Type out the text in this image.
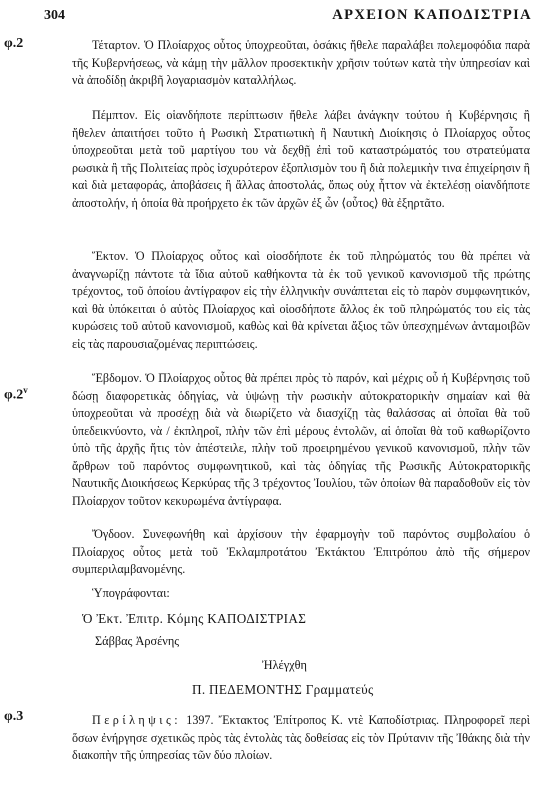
304	ΑΡΧΕΙΟΝ ΚΑΠΟΔΙΣΤΡΙΑ
φ.2
φ.2$^v$
φ.3

Τέταρτον. Ὁ Πλοίαρχος οὗτος ὑποχρεοῦται, ὁσάκις ἤθελε παραλάβει πολεμοφόδια παρὰ τῆς Κυβερνήσεως, νὰ κάμῃ τὴν μᾶλλον προσεκτικὴν χρῆσιν τούτων κατὰ τὴν ὑπηρεσίαν καὶ νὰ ἀποδίδῃ ἀκριβῆ λογαριασμὸν καταλλήλως.

Πέμπτον. Εἰς οἱανδήποτε περίπτωσιν ἤθελε λάβει ἀνάγκην τούτου ἡ Κυβέρνησις ἢ ἤθελεν ἀπαιτήσει τοῦτο ἡ Ρωσικὴ Στρατιωτικὴ ἢ Ναυτικὴ Διοίκησις ὁ Πλοίαρχος οὗτος ὑποχρεοῦται μετὰ τοῦ μαρτίγου του νὰ δεχθῇ ἐπὶ τοῦ καταστρώματός του στρατεύματα ρωσικὰ ἢ τῆς Πολιτείας πρὸς ἰσχυρότερον ἐξοπλισμὸν του ἢ διὰ πολεμικὴν τινα ἐπιχείρησιν ἢ καὶ διὰ μεταφοράς, ἀποβάσεις ἢ ἄλλας ἀποστολάς, ὅπως οὐχ ἧττον νὰ ἐκτελέσῃ οἱανδήποτε ἀποστολήν, ἡ ὁποία θὰ προήρχετο ἐκ τῶν ἀρχῶν ἐξ ὧν ⟨οὗτος⟩ θὰ ἐξηρτᾶτο.

Ἕκτον. Ὁ Πλοίαρχος οὗτος καὶ οἱοσδήποτε ἐκ τοῦ πληρώματός του θὰ πρέπει νὰ ἀναγνωρίζῃ πάντοτε τὰ ἴδια αὐτοῦ καθήκοντα τὰ ἐκ τοῦ γενικοῦ κανονισμοῦ τῆς πρώτης τρέχοντος, τοῦ ὁποίου ἀντίγραφον εἰς τὴν ἑλληνικὴν συνάπτεται εἰς τὸ παρὸν συμφωνητικόν, καὶ θὰ ὑπόκειται ὁ αὐτὸς Πλοίαρχος καὶ οἱοσδήποτε ἄλλος ἐκ τοῦ πληρώματός του εἰς τὰς κυρώσεις τοῦ αὐτοῦ κανονισμοῦ, καθὼς καὶ θὰ κρίνεται ἄξιος τῶν ὑπεσχημένων ἀνταμοιβῶν εἰς τὰς παρουσιαζομένας περιπτώσεις.

Ἕβδομον. Ὁ Πλοίαρχος οὗτος θὰ πρέπει πρὸς τὸ παρόν, καὶ μέχρις οὗ ἡ Κυβέρνησις τοῦ δώσῃ διαφορετικὰς ὁδηγίας, νὰ ὑψώνῃ τὴν ρωσικὴν αὐτοκρατορικὴν σημαίαν καὶ θὰ ὑποχρεοῦται νὰ προσέχῃ διὰ νὰ διωρίζετο νὰ διασχίζῃ τὰς θαλάσσας αἱ ὁποῖαι θὰ τοῦ ὑπεδεικνύοντο, νὰ / ἐκπληροῖ, πλὴν τῶν ἐπὶ μέρους ἐντολῶν, αἱ ὁποῖαι θὰ τοῦ καθωρίζοντο ὑπὸ τῆς ἀρχῆς ἥτις τὸν ἀπέστειλε, πλὴν τοῦ προειρημένου γενικοῦ κανονισμοῦ, πλὴν τῶν ἄρθρων τοῦ παρόντος συμφωνητικοῦ, καὶ τὰς ὁδηγίας τῆς Ρωσικῆς Αὐτοκρατορικῆς Ναυτικῆς Διοικήσεως Κερκύρας τῆς 3 τρέχοντος Ἰουλίου, τῶν ὁποίων θὰ παραδοθοῦν εἰς τὸν Πλοίαρχον τοῦτον κεκυρωμένα ἀντίγραφα.

Ὄγδοον. Συνεφωνήθη καὶ ἀρχίσουν τὴν ἐφαρμογὴν τοῦ παρόντος συμβολαίου ὁ Πλοίαρχος οὗτος μετὰ τοῦ Ἐκλαμπροτάτου Ἐκτάκτου Ἐπιτρόπου ἀπὸ τῆς σήμερον συμπεριλαμβανομένης.

Ὑπογράφονται:
Ὁ Ἐκτ. Ἐπιτρ. Κόμης ΚΑΠΟΔΙΣΤΡΙΑΣ
Σάββας Ἀρσένης
Ἠλέγχθη
Π. ΠΕΔΕΜΟΝΤΗΣ Γραμματεύς

Περίληψις: 1397. Ἔκτακτος Ἐπίτροπος Κ. ντὲ Καποδίστριας. Πληροφορεῖ περὶ ὅσων ἐνήργησε σχετικῶς πρὸς τὰς ἐντολὰς τὰς δοθείσας εἰς τὸν Πρύτανιν τῆς Ἰθάκης διὰ τὴν διακοπὴν τῆς ὑπηρεσίας τῶν δύο πλοίων.
